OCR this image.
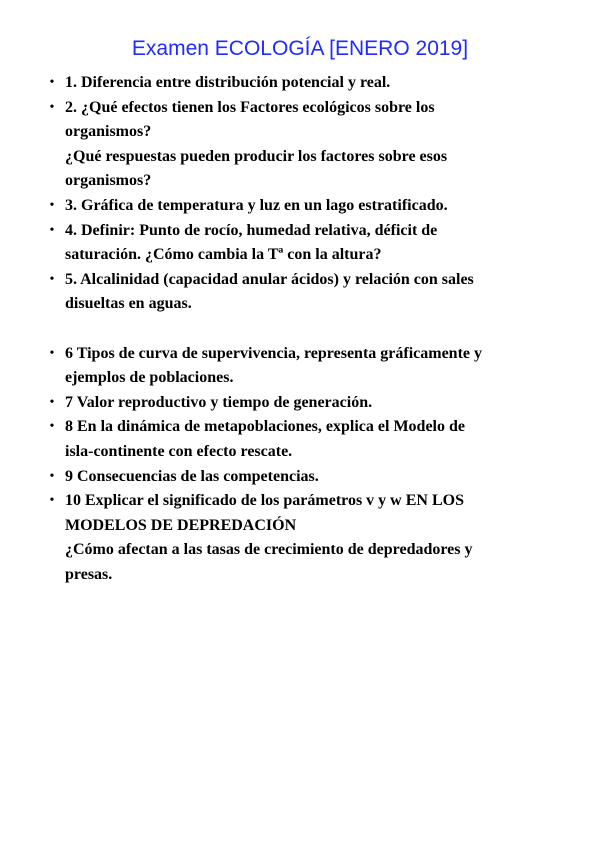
Examen ECOLOGÍA [ENERO 2019]
• 1. Diferencia entre distribución potencial y real.
• 2. ¿Qué efectos tienen los Factores ecológicos sobre los
organismos?
¿Qué respuestas pueden producir los factores sobre esos
organismos?
• 3. Gráfica de temperatura y luz en un lago estratificado.
• 4. Definir: Punto de rocío, humedad relativa, déficit de
saturación. ¿Cómo cambia la Tª con la altura?
• 5. Alcalinidad (capacidad anular ácidos) y relación con sales
disueltas en aguas.
• 6 Tipos de curva de supervivencia, representa gráficamente y
ejemplos de poblaciones.
• 7 Valor reproductivo y tiempo de generación.
• 8 En la dinámica de metapoblaciones, explica el Modelo de
isla-continente con efecto rescate.
• 9 Consecuencias de las competencias.
• 10 Explicar el significado de los parámetros v y w EN LOS
MODELOS DE DEPREDACIÓN
¿Cómo afectan a las tasas de crecimiento de depredadores y
presas.
